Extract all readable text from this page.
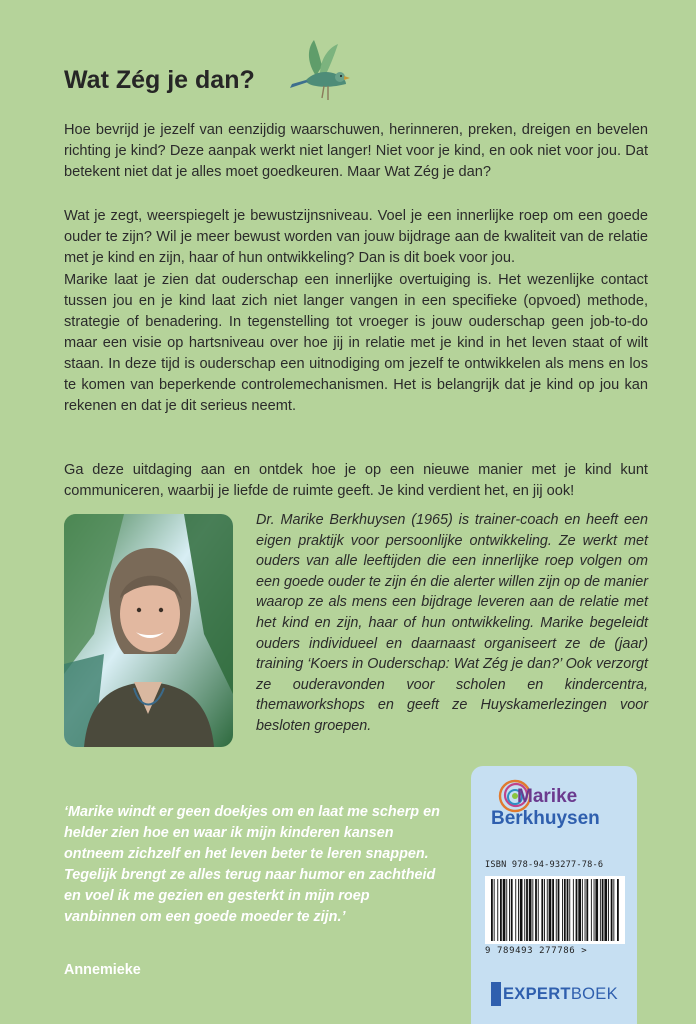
Wat Zég je dan?

Hoe bevrijd je jezelf van eenzijdig waarschuwen, herinneren, preken, dreigen en bevelen richting je kind? Deze aanpak werkt niet langer! Niet voor je kind, en ook niet voor jou. Dat betekent niet dat je alles moet goedkeuren. Maar Wat Zég je dan?

Wat je zegt, weerspiegelt je bewustzijnsniveau. Voel je een innerlijke roep om een goede ouder te zijn? Wil je meer bewust worden van jouw bijdrage aan de kwaliteit van de relatie met je kind en zijn, haar of hun ontwikkeling? Dan is dit boek voor jou.

Marike laat je zien dat ouderschap een innerlijke overtuiging is. Het wezenlijke contact tussen jou en je kind laat zich niet langer vangen in een specifieke (opvoed) methode, strategie of benadering. In tegenstelling tot vroeger is jouw ouderschap geen job-to-do maar een visie op hartsniveau over hoe jij in relatie met je kind in het leven staat of wilt staan. In deze tijd is ouderschap een uitnodiging om jezelf te ontwikkelen als mens en los te komen van beperkende controlemechanismen. Het is belangrijk dat je kind op jou kan rekenen en dat je dit serieus neemt.

Ga deze uitdaging aan en ontdek hoe je op een nieuwe manier met je kind kunt communiceren, waarbij je liefde de ruimte geeft. Je kind verdient het, en jij ook!

Dr. Marike Berkhuysen (1965) is trainer-coach en heeft een eigen praktijk voor persoonlijke ontwikkeling. Ze werkt met ouders van alle leeftijden die een innerlijke roep volgen om een goede ouder te zijn én die alerter willen zijn op de manier waarop ze als mens een bijdrage leveren aan de relatie met het kind en zijn, haar of hun ontwikkeling. Marike begeleidt ouders individueel en daarnaast organiseert ze de (jaar) training ‘Koers in Ouderschap: Wat Zég je dan?’ Ook verzorgt ze ouderavonden voor scholen en kindercentra, themaworkshops en geeft ze Huyskamerlezingen voor besloten groepen.

‘Marike windt er geen doekjes om en laat me scherp en helder zien hoe en waar ik mijn kinderen kansen ontneem zichzelf en het leven beter te leren snappen. Tegelijk brengt ze alles terug naar humor en zachtheid en voel ik me gezien en gesterkt in mijn roep vanbinnen om een goede moeder te zijn.’

Annemieke

Marike
Berkhuysen
ISBN 978-94-93277-78-6
9 789493 277786 >
EXPERT BOEK
